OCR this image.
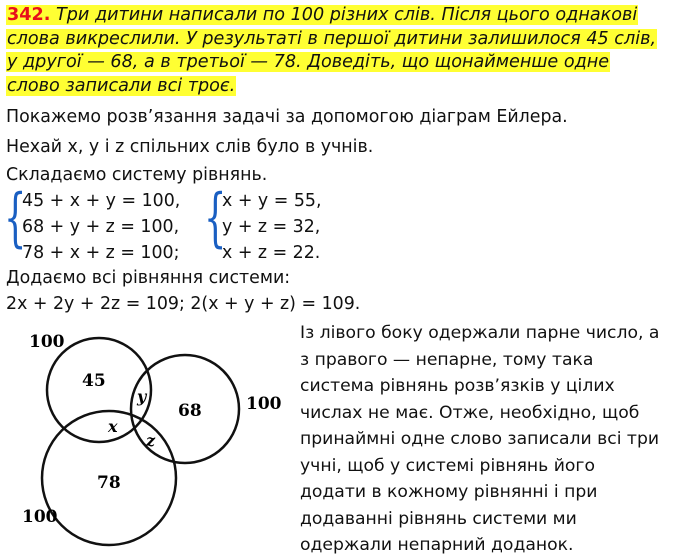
342. Три дитини написали по 100 різних слів. Після цього однакові
слова викреслили. У результаті в першої дитини залишилося 45 слів,
у другої — 68, а в третьої — 78. Доведіть, що щонайменше одне
слово записали всі троє.
Покажемо розв’язання задачі за допомогою діаграм Ейлера.
Нехай x, y і z спільних слів було в учнів.
Складаємо систему рівнянь.
{
45 + x + y = 100,
68 + y + z = 100,
78 + x + z = 100; {
x + y = 55,
y + z = 32,
x + z = 22.
Додаємо всі рівняння системи:
2x + 2y + 2z = 109; 2(x + y + z) = 109.
100
100
100
45
68
78
x
y
z
Із лівого боку одержали парне число, а
з правого — непарне, тому така
система рівнянь розв’язків у цілих
числах не має. Отже, необхідно, щоб
принаймні одне слово записали всі три
учні, щоб у системі рівнянь його
додати в кожному рівнянні і при
додаванні рівнянь системи ми
одержали непарний доданок.
